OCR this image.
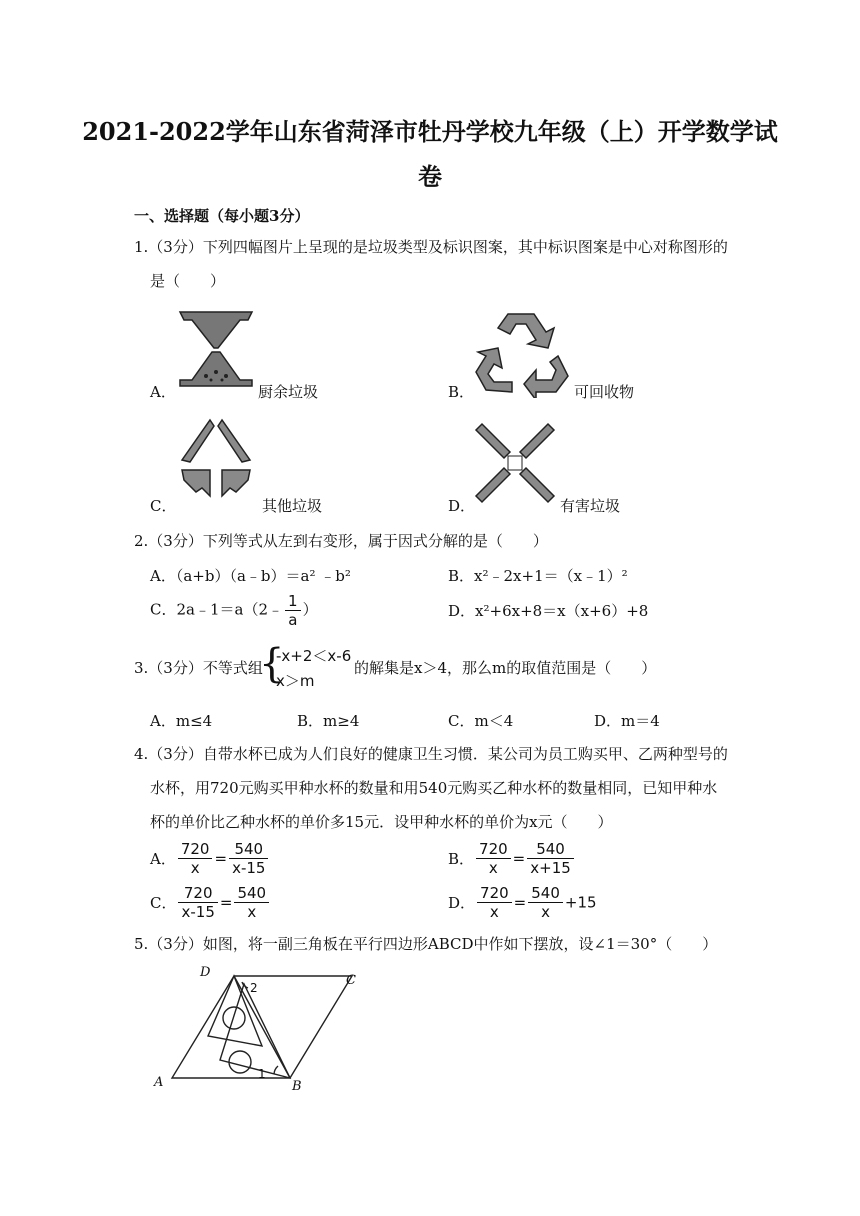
2021-2022学年山东省菏泽市牡丹学校九年级（上）开学数学试
卷
一、选择题（每小题3分）
1.（3分）下列四幅图片上呈现的是垃圾类型及标识图案，其中标识图案是中心对称图形的
是（　　）
A．	厨余垃圾	B．	可回收物
C．	其他垃圾	D．	有害垃圾
2.（3分）下列等式从左到右变形，属于因式分解的是（　　）
A．（a+b）（a﹣b）＝a² ﹣b²	B．x²﹣2x+1＝（x﹣1）²
C．2a﹣1＝a（2﹣ $\frac{1}{a}$ ）	D．x²+6x+8＝x（x+6）+8
3.（3分）不等式组
{
-x+2＜x-6
x＞m
的解集是x＞4，那么m的取值范围是（　　）
A．m≤4	B．m≥4	C．m＜4	D．m＝4
4.（3分）自带水杯已成为人们良好的健康卫生习惯．某公司为员工购买甲、乙两种型号的
水杯，用720元购买甲种水杯的数量和用540元购买乙种水杯的数量相同，已知甲种水
杯的单价比乙种水杯的单价多15元．设甲种水杯的单价为x元（　　）
A． $\frac{720}{x} = \frac{540}{x-15}$	B． $\frac{720}{x} = \frac{540}{x+15}$
C． $\frac{720}{x-15} = \frac{540}{x}$	D． $\frac{720}{x} = \frac{540}{x} +15$
5.（3分）如图，将一副三角板在平行四边形ABCD中作如下摆放，设∠1＝30°（　　）
A	B
C
D
1
2
